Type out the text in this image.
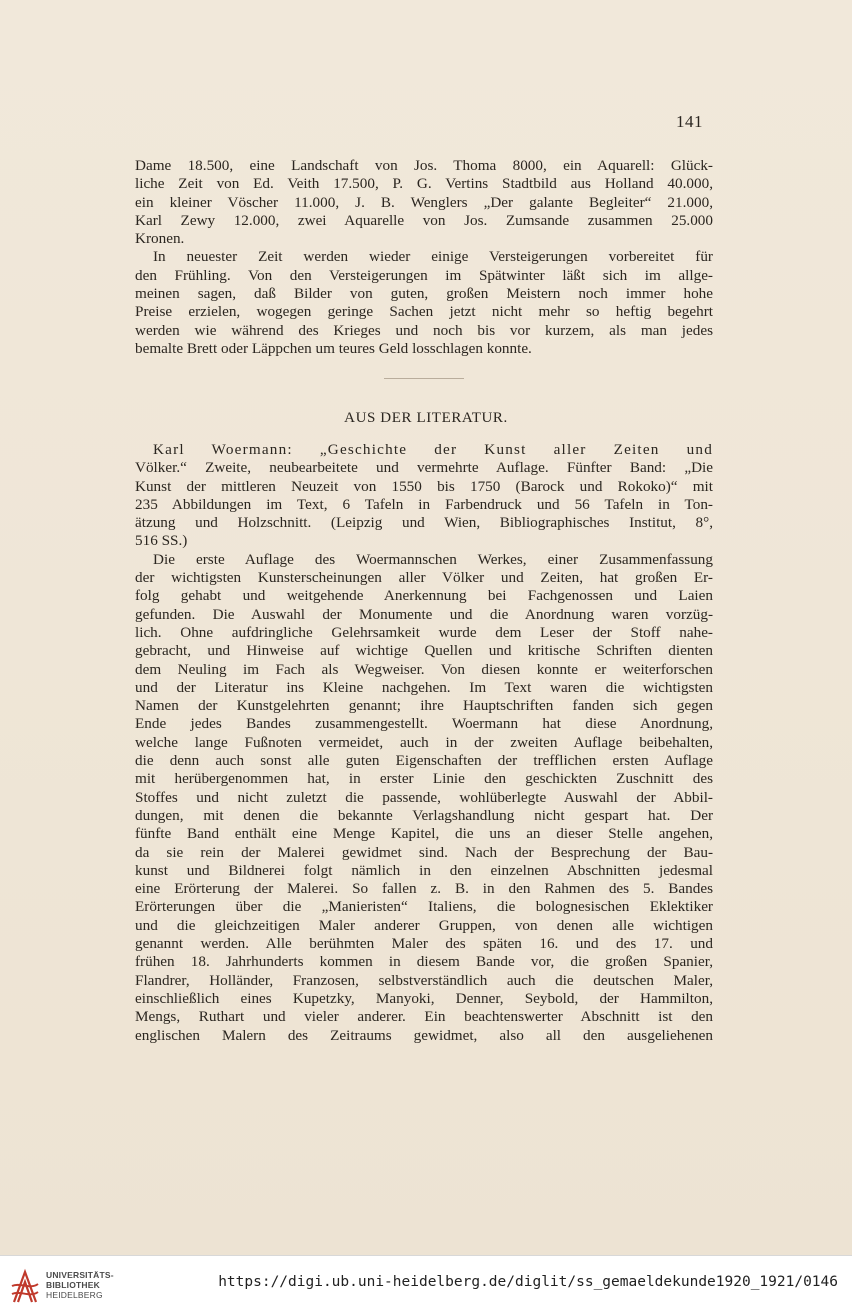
141
Dame 18.500, eine Landschaft von Jos. Thoma 8000, ein Aquarell: Glück-
liche Zeit von Ed. Veith 17.500, P. G. Vertins Stadtbild aus Holland 40.000,
ein kleiner Vöscher 11.000, J. B. Wenglers „Der galante Begleiter“ 21.000,
Karl Zewy 12.000, zwei Aquarelle von Jos. Zumsande zusammen 25.000
Kronen.
In neuester Zeit werden wieder einige Versteigerungen vorbereitet für
den Frühling. Von den Versteigerungen im Spätwinter läßt sich im allge-
meinen sagen, daß Bilder von guten, großen Meistern noch immer hohe
Preise erzielen, wogegen geringe Sachen jetzt nicht mehr so heftig begehrt
werden wie während des Krieges und noch bis vor kurzem, als man jedes
bemalte Brett oder Läppchen um teures Geld losschlagen konnte.
AUS DER LITERATUR.
Karl Woermann: „Geschichte der Kunst aller Zeiten und
Völker.“ Zweite, neubearbeitete und vermehrte Auflage. Fünfter Band: „Die
Kunst der mittleren Neuzeit von 1550 bis 1750 (Barock und Rokoko)“ mit
235 Abbildungen im Text, 6 Tafeln in Farbendruck und 56 Tafeln in Ton-
ätzung und Holzschnitt. (Leipzig und Wien, Bibliographisches Institut, 8°,
516 SS.)
Die erste Auflage des Woermannschen Werkes, einer Zusammenfassung
der wichtigsten Kunsterscheinungen aller Völker und Zeiten, hat großen Er-
folg gehabt und weitgehende Anerkennung bei Fachgenossen und Laien
gefunden. Die Auswahl der Monumente und die Anordnung waren vorzüg-
lich. Ohne aufdringliche Gelehrsamkeit wurde dem Leser der Stoff nahe-
gebracht, und Hinweise auf wichtige Quellen und kritische Schriften dienten
dem Neuling im Fach als Wegweiser. Von diesen konnte er weiterforschen
und der Literatur ins Kleine nachgehen. Im Text waren die wichtigsten
Namen der Kunstgelehrten genannt; ihre Hauptschriften fanden sich gegen
Ende jedes Bandes zusammengestellt. Woermann hat diese Anordnung,
welche lange Fußnoten vermeidet, auch in der zweiten Auflage beibehalten,
die denn auch sonst alle guten Eigenschaften der trefflichen ersten Auflage
mit herübergenommen hat, in erster Linie den geschickten Zuschnitt des
Stoffes und nicht zuletzt die passende, wohlüberlegte Auswahl der Abbil-
dungen, mit denen die bekannte Verlagshandlung nicht gespart hat. Der
fünfte Band enthält eine Menge Kapitel, die uns an dieser Stelle angehen,
da sie rein der Malerei gewidmet sind. Nach der Besprechung der Bau-
kunst und Bildnerei folgt nämlich in den einzelnen Abschnitten jedesmal
eine Erörterung der Malerei. So fallen z. B. in den Rahmen des 5. Bandes
Erörterungen über die „Manieristen“ Italiens, die bolognesischen Eklektiker
und die gleichzeitigen Maler anderer Gruppen, von denen alle wichtigen
genannt werden. Alle berühmten Maler des späten 16. und des 17. und
frühen 18. Jahrhunderts kommen in diesem Bande vor, die großen Spanier,
Flandrer, Holländer, Franzosen, selbstverständlich auch die deutschen Maler,
einschließlich eines Kupetzky, Manyoki, Denner, Seybold, der Hammilton,
Mengs, Ruthart und vieler anderer. Ein beachtenswerter Abschnitt ist den
englischen Malern des Zeitraums gewidmet, also all den ausgeliehenen
UNIVERSITÄTS-
BIBLIOTHEK
HEIDELBERG
https://digi.ub.uni-heidelberg.de/diglit/ss_gemaeldekunde1920_1921/0146
